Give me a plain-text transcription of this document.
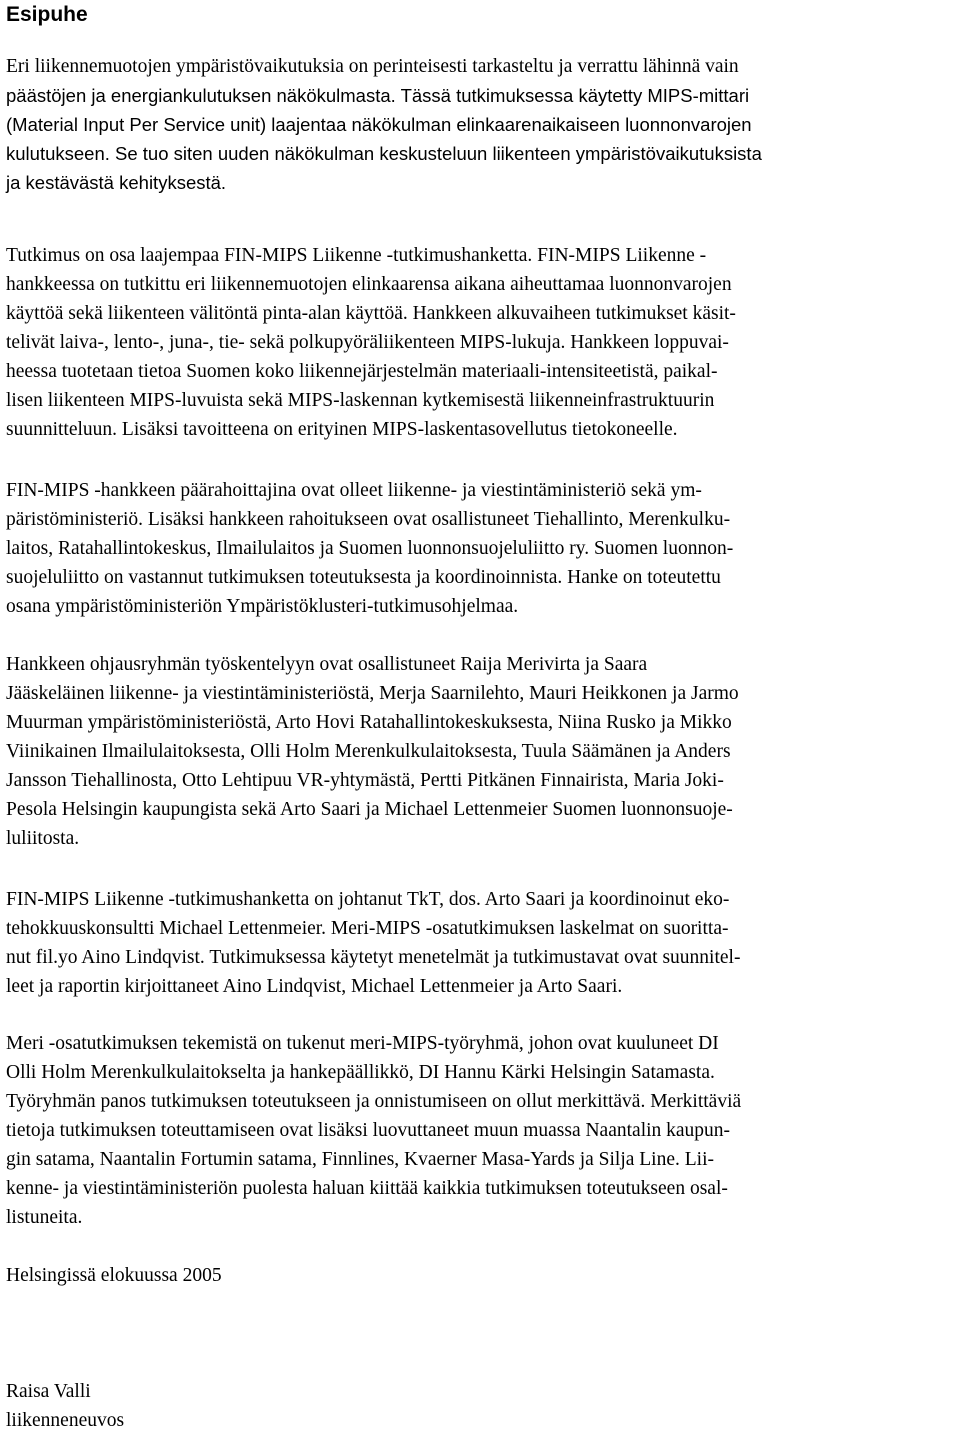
Esipuhe
Eri liikennemuotojen ympäristövaikutuksia on perinteisesti tarkasteltu ja verrattu lähinnä vain
päästöjen ja energiankulutuksen näkökulmasta. Tässä tutkimuksessa käytetty MIPS-mittari
(Material Input Per Service unit) laajentaa näkökulman elinkaarenaikaiseen luonnonvarojen
kulutukseen. Se tuo siten uuden näkökulman keskusteluun liikenteen ympäristövaikutuksista
ja kestävästä kehityksestä.
Tutkimus on osa laajempaa FIN-MIPS Liikenne -tutkimushanketta. FIN-MIPS Liikenne -
hankkeessa on tutkittu eri liikennemuotojen elinkaarensa aikana aiheuttamaa luonnonvarojen
käyttöä sekä liikenteen välitöntä pinta-alan käyttöä. Hankkeen alkuvaiheen tutkimukset käsit-
telivät laiva-, lento-, juna-, tie- sekä polkupyöräliikenteen MIPS-lukuja. Hankkeen loppuvai-
heessa tuotetaan tietoa Suomen koko liikennejärjestelmän materiaali-intensiteetistä, paikal-
lisen liikenteen MIPS-luvuista sekä MIPS-laskennan kytkemisestä liikenneinfrastruktuurin
suunnitteluun. Lisäksi tavoitteena on erityinen MIPS-laskentasovellutus tietokoneelle.
FIN-MIPS -hankkeen päärahoittajina ovat olleet liikenne- ja viestintäministeriö sekä ym-
päristöministeriö. Lisäksi hankkeen rahoitukseen ovat osallistuneet Tiehallinto, Merenkulku-
laitos, Ratahallintokeskus, Ilmailulaitos ja Suomen luonnonsuojeluliitto ry. Suomen luonnon-
suojeluliitto on vastannut tutkimuksen toteutuksesta ja koordinoinnista. Hanke on toteutettu
osana ympäristöministeriön Ympäristöklusteri-tutkimusohjelmaa.
Hankkeen ohjausryhmän työskentelyyn ovat osallistuneet Raija Merivirta ja Saara
Jääskeläinen liikenne- ja viestintäministeriöstä, Merja Saarnilehto, Mauri Heikkonen ja Jarmo
Muurman ympäristöministeriöstä, Arto Hovi Ratahallintokeskuksesta, Niina Rusko ja Mikko
Viinikainen Ilmailulaitoksesta, Olli Holm Merenkulkulaitoksesta, Tuula Säämänen ja Anders
Jansson Tiehallinosta, Otto Lehtipuu VR-yhtymästä, Pertti Pitkänen Finnairista, Maria Joki-
Pesola Helsingin kaupungista sekä Arto Saari ja Michael Lettenmeier Suomen luonnonsuoje-
luliitosta.
FIN-MIPS Liikenne -tutkimushanketta on johtanut TkT, dos. Arto Saari ja koordinoinut eko-
tehokkuuskonsultti Michael Lettenmeier. Meri-MIPS -osatutkimuksen laskelmat on suoritta-
nut fil.yo Aino Lindqvist. Tutkimuksessa käytetyt menetelmät ja tutkimustavat ovat suunnitel-
leet ja raportin kirjoittaneet Aino Lindqvist, Michael Lettenmeier ja Arto Saari.
Meri -osatutkimuksen tekemistä on tukenut meri-MIPS-työryhmä, johon ovat kuuluneet DI
Olli Holm Merenkulkulaitokselta ja hankepäällikkö, DI Hannu Kärki Helsingin Satamasta.
Työryhmän panos tutkimuksen toteutukseen ja onnistumiseen on ollut merkittävä. Merkittäviä
tietoja tutkimuksen toteuttamiseen ovat lisäksi luovuttaneet muun muassa Naantalin kaupun-
gin satama, Naantalin Fortumin satama, Finnlines, Kvaerner Masa-Yards ja Silja Line. Lii-
kenne- ja viestintäministeriön puolesta haluan kiittää kaikkia tutkimuksen toteutukseen osal-
listuneita.
Helsingissä elokuussa 2005
Raisa Valli
liikenneneuvos
